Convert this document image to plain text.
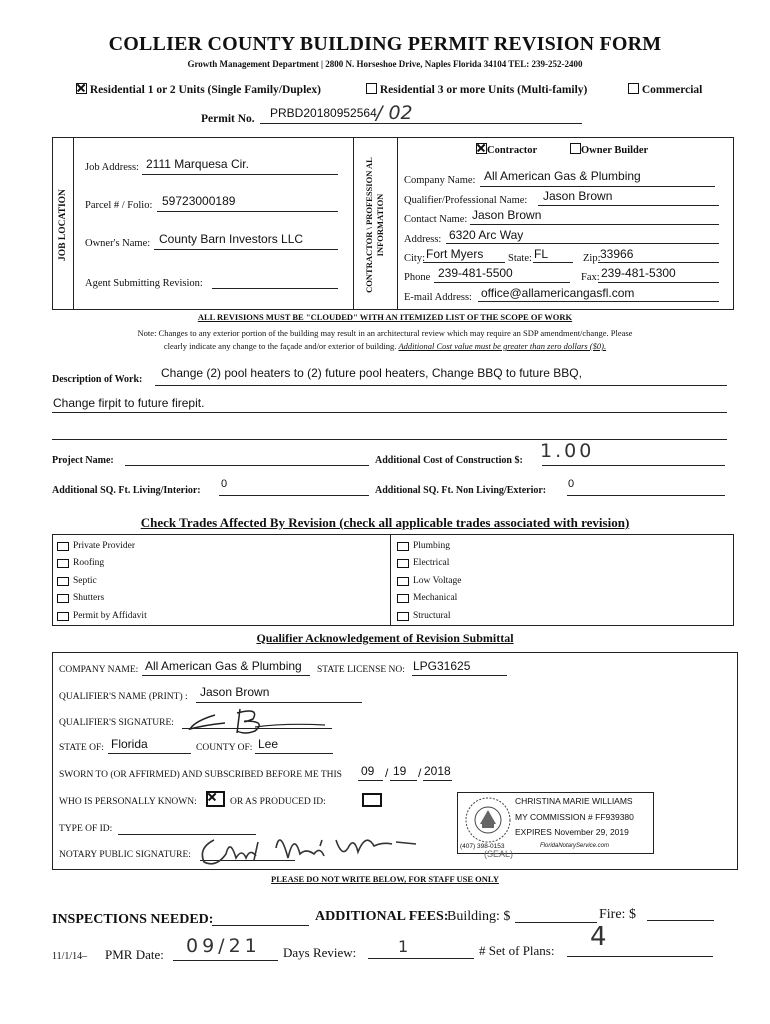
COLLIER COUNTY BUILDING PERMIT REVISION FORM
Growth Management Department | 2800 N. Horseshoe Drive, Naples Florida 34104 TEL: 239-252-2400
Residential 1 or 2 Units (Single Family/Duplex)	Residential 3 or more Units (Multi-family)	Commercial
Permit No. PRBD20180952564 / 02
JOB LOCATION	CONTRACTOR \ PROFESSION AL INFORMATION
Job Address: 2111 Marquesa Cir.
Parcel # / Folio: 59723000189
Owner's Name: County Barn Investors LLC
Agent Submitting Revision:
Contractor	Owner Builder
Company Name: All American Gas & Plumbing
Qualifier/Professional Name: Jason Brown
Contact Name: Jason Brown
Address: 6320 Arc Way
City: Fort Myers State: FL	Zip: 33966
Phone 239-481-5500	Fax: 239-481-5300
E-mail Address: office@allamericangasfl.com
ALL REVISIONS MUST BE "CLOUDED" WITH AN ITEMIZED LIST OF THE SCOPE OF WORK
Note: Changes to any exterior portion of the building may result in an architectural review which may require an SDP amendment/change. Please
clearly indicate any change to the façade and/or exterior of building. Additional Cost value must be greater than zero dollars ($0).
Description of Work: Change (2) pool heaters to (2) future pool heaters, Change BBQ to future BBQ,
Change firpit to future firepit.
Project Name:	Additional Cost of Construction $: 1.00
Additional SQ. Ft. Living/Interior:
0
Additional SQ. Ft. Non Living/Exterior:
0
Check Trades Affected By Revision (check all applicable trades associated with revision)
Private Provider
Roofing
Septic
Shutters
Permit by Affidavit
Plumbing
Electrical
Low Voltage
Mechanical
Structural
Qualifier Acknowledgement of Revision Submittal
COMPANY NAME: All American Gas & Plumbing STATE LICENSE NO: LPG31625
QUALIFIER'S NAME (PRINT) : Jason Brown
QUALIFIER'S SIGNATURE:
STATE OF: Florida	COUNTY OF: Lee
SWORN TO (OR AFFIRMED) AND SUBSCRIBED BEFORE ME THIS 09 / 19 / 2018
WHO IS PERSONALLY KNOWN:
	OR AS PRODUCED ID:
TYPE OF ID:
NOTARY PUBLIC SIGNATURE:
CHRISTINA MARIE WILLIAMS
MY COMMISSION # FF939380
EXPIRES November 29, 2019
(407) 398-0153	FloridaNotaryService.com
(SEAL)
PLEASE DO NOT WRITE BELOW, FOR STAFF USE ONLY
INSPECTIONS NEEDED:	ADDITIONAL FEES:
Building: $	Fire: $
11/1/14– PMR Date: 09/21 Days Review:	1	# Set of Plans: 4
